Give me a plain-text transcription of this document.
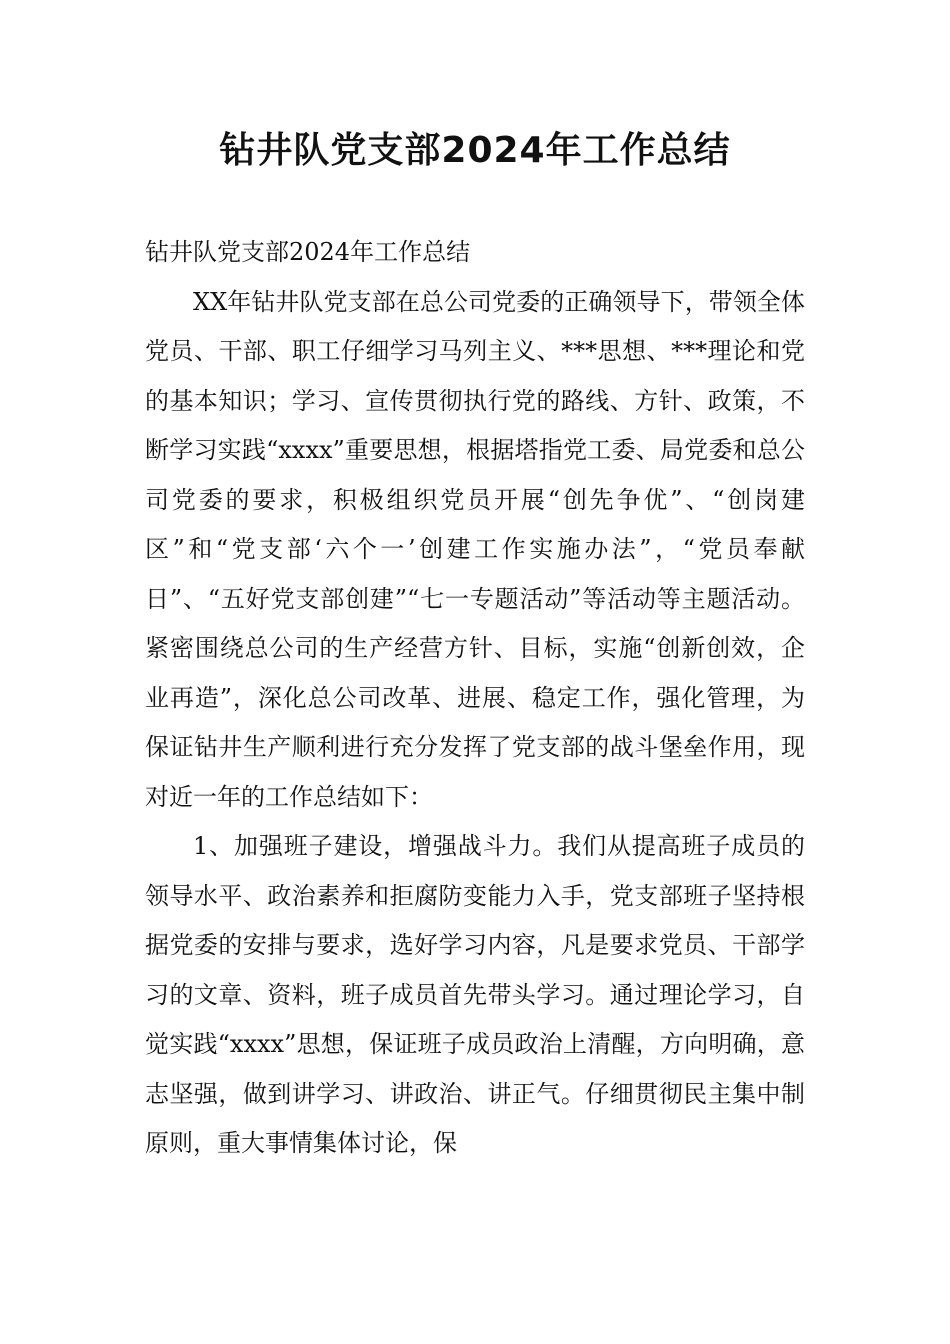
钻井队党支部2024年工作总结

钻井队党支部2024年工作总结

XX年钻井队党支部在总公司党委的正确领导下，带领全体党员、干部、职工仔细学习马列主义、***思想、***理论和党的基本知识；学习、宣传贯彻执行党的路线、方针、政策，不断学习实践“xxxx”重要思想，根据塔指党工委、局党委和总公司党委的要求，积极组织党员开展“创先争优”、“创岗建区”和“党支部‘六个一’创建工作实施办法”，“党员奉献日”、“五好党支部创建”“七一专题活动”等活动等主题活动。紧密围绕总公司的生产经营方针、目标，实施“创新创效，企业再造”，深化总公司改革、进展、稳定工作，强化管理，为保证钻井生产顺利进行充分发挥了党支部的战斗堡垒作用，现对近一年的工作总结如下：

1、加强班子建设，增强战斗力。我们从提高班子成员的领导水平、政治素养和拒腐防变能力入手，党支部班子坚持根据党委的安排与要求，选好学习内容，凡是要求党员、干部学习的文章、资料，班子成员首先带头学习。通过理论学习，自觉实践“xxxx”思想，保证班子成员政治上清醒，方向明确，意志坚强，做到讲学习、讲政治、讲正气。仔细贯彻民主集中制原则，重大事情集体讨论，保
